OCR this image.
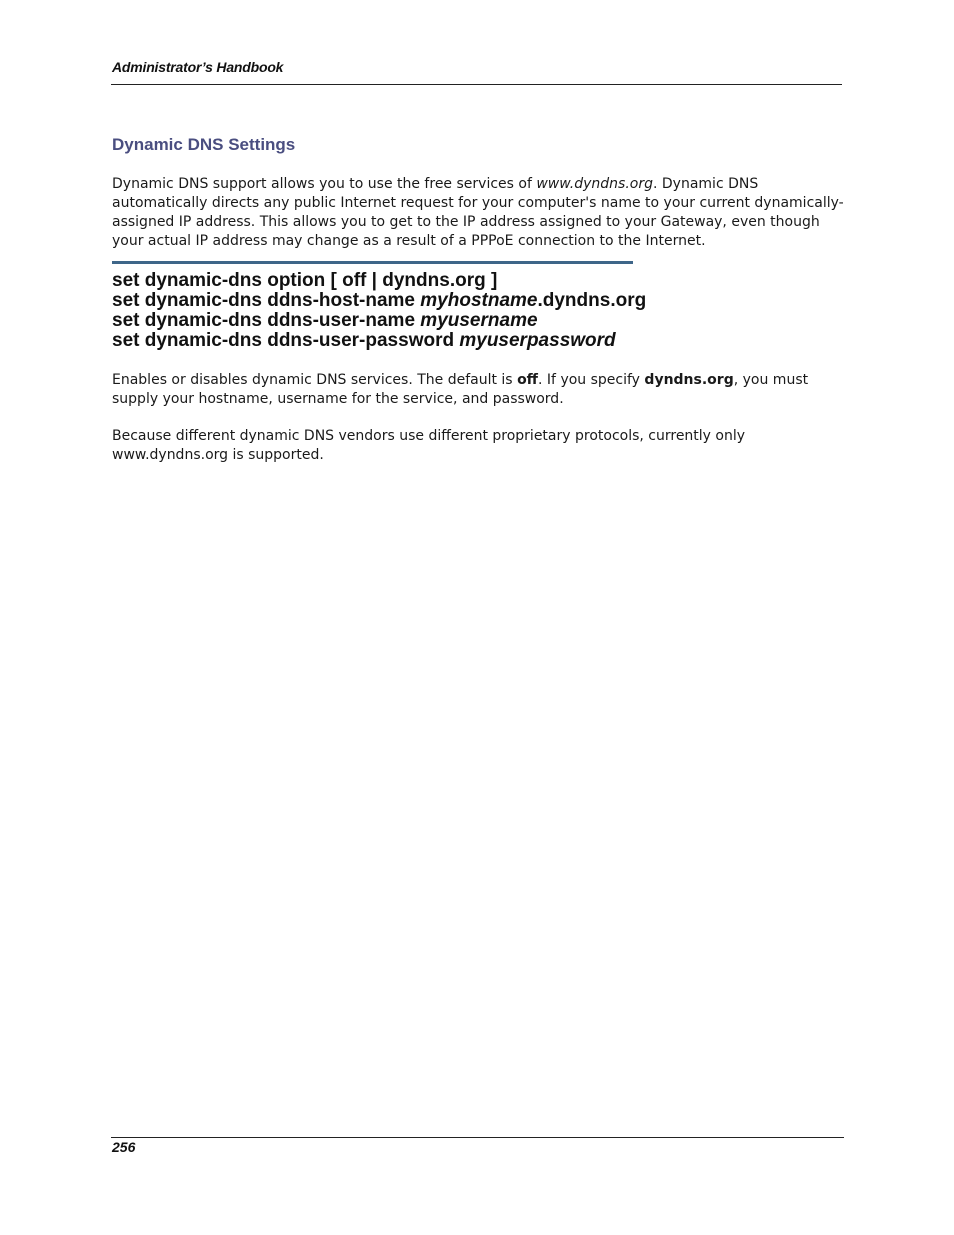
Administrator’s Handbook
Dynamic DNS Settings
Dynamic DNS support allows you to use the free services of www.dyndns.org. Dynamic DNS automatically directs any public Internet request for your computer's name to your current dynamically-assigned IP address. This allows you to get to the IP address assigned to your Gateway, even though your actual IP address may change as a result of a PPPoE connection to the Internet.
set dynamic-dns option [ off | dyndns.org ]
set dynamic-dns ddns-host-name myhostname.dyndns.org
set dynamic-dns ddns-user-name myusername
set dynamic-dns ddns-user-password myuserpassword
Enables or disables dynamic DNS services. The default is off. If you specify dyndns.org, you must supply your hostname, username for the service, and password.
Because different dynamic DNS vendors use different proprietary protocols, currently only www.dyndns.org is supported.
256
